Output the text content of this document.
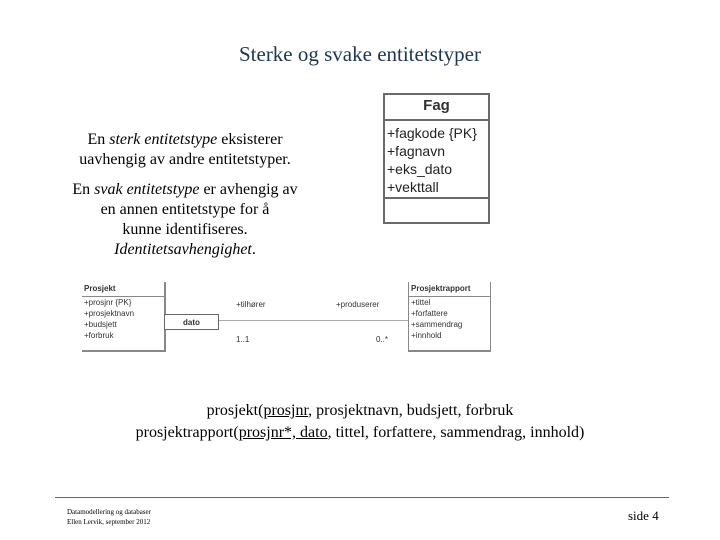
Sterke og svake entitetstyper
En sterk entitetstype eksisterer
uavhengig av andre entitetstyper.
En svak entitetstype er avhengig av
en annen entitetstype for å
kunne identifiseres.
Identitetsavhengighet.
Fag
+fagkode {PK}
+fagnavn
+eks_dato
+vekttall
Prosjekt
+prosjnr {PK}
+prosjektnavn
+budsjett
+forbruk
dato
+tilhører	+produserer
1..1	0..*
Prosjektrapport
+tittel
+forfattere
+sammendrag
+innhold
prosjekt(prosjnr, prosjektnavn, budsjett, forbruk
prosjektrapport(prosjnr*, dato, tittel, forfattere, sammendrag, innhold)
Datamodellering og databaser
Ellen Lervik, september 2012	side 4
